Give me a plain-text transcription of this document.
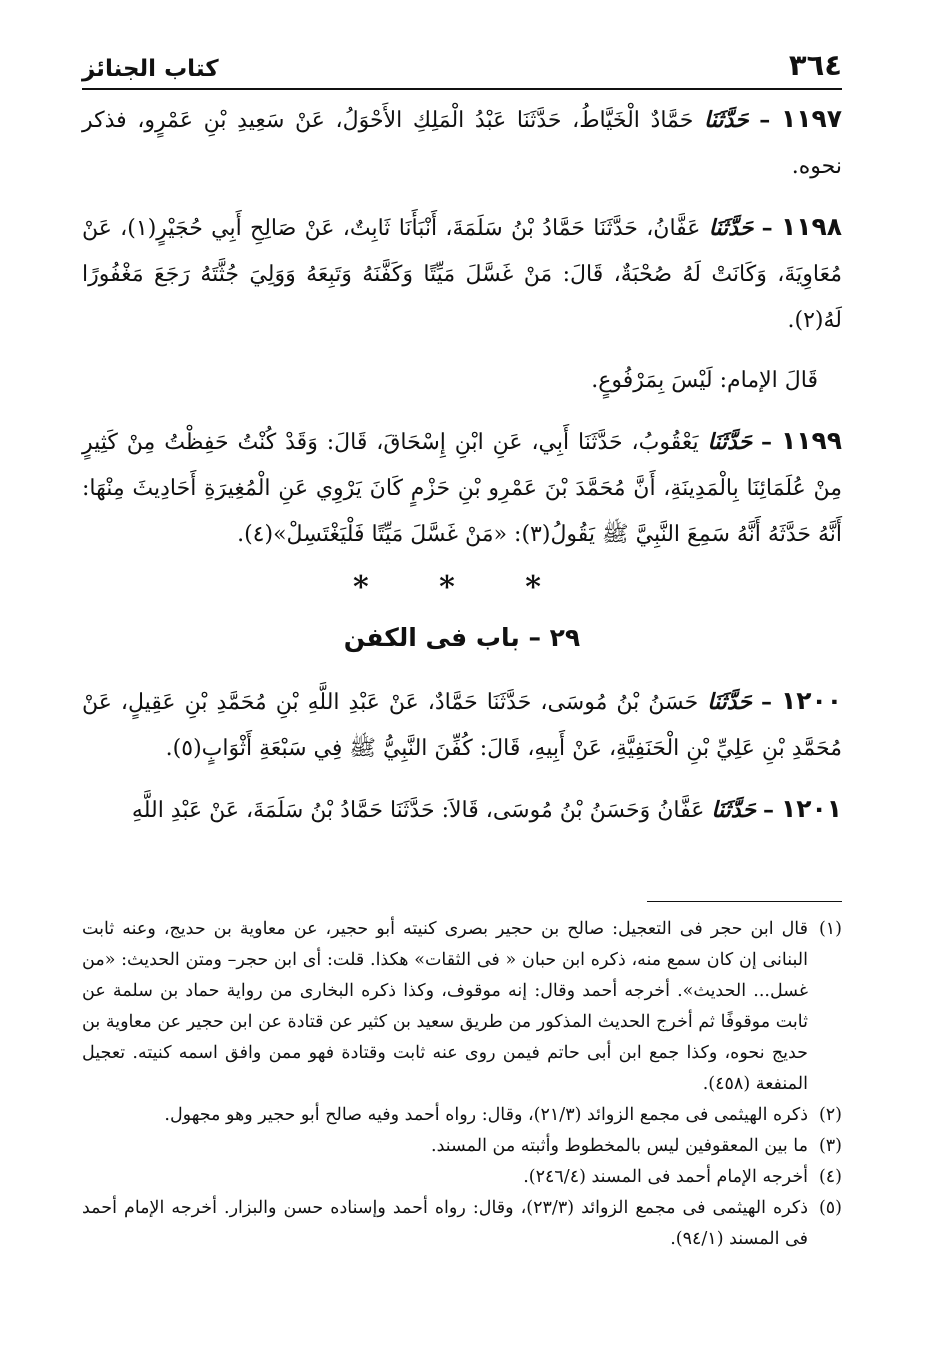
٣٦٤
كتاب الجنائز

١١٩٧ – حَدَّثَنَا حَمَّادٌ الْخَيَّاطُ، حَدَّثَنَا عَبْدُ الْمَلِكِ الأَحْوَلُ، عَنْ سَعِيدِ بْنِ عَمْرٍو، فذكر نحوه.

١١٩٨ – حَدَّثَنَا عَفَّانُ، حَدَّثَنَا حَمَّادُ بْنُ سَلَمَةَ، أَنْبَأَنَا ثَابِتٌ، عَنْ صَالِحِ أَبِي حُجَيْرٍ(١)، عَنْ مُعَاوِيَةَ، وَكَانَتْ لَهُ صُحْبَةٌ، قَالَ: مَنْ غَسَّلَ مَيِّتًا وَكَفَّنَهُ وَتَبِعَهُ وَوَلِيَ جُثَّتَهُ رَجَعَ مَغْفُورًا لَهُ(٢).

قَالَ الإمام: لَيْسَ بِمَرْفُوعٍ.

١١٩٩ – حَدَّثَنَا يَعْقُوبُ، حَدَّثَنَا أَبِي، عَنِ ابْنِ إِسْحَاقَ، قَالَ: وَقَدْ كُنْتُ حَفِظْتُ مِنْ كَثِيرٍ مِنْ عُلَمَائِنَا بِالْمَدِينَةِ، أَنَّ مُحَمَّدَ بْنَ عَمْرِو بْنِ حَزْمٍ كَانَ يَرْوِي عَنِ الْمُغِيرَةِ أَحَادِيثَ مِنْهَا: أَنَّهُ حَدَّثَهُ أَنَّهُ سَمِعَ النَّبِيَّ ﷺ يَقُولُ(٣): «مَنْ غَسَّلَ مَيِّتًا فَلْيَغْتَسِلْ»(٤).

* * *
٢٩ – باب فى الكفن

١٢٠٠ – حَدَّثَنَا حَسَنُ بْنُ مُوسَى، حَدَّثَنَا حَمَّادٌ، عَنْ عَبْدِ اللَّهِ بْنِ مُحَمَّدِ بْنِ عَقِيلٍ، عَنْ مُحَمَّدِ بْنِ عَلِيِّ بْنِ الْحَنَفِيَّةِ، عَنْ أَبِيهِ، قَالَ: كُفِّنَ النَّبِيُّ ﷺ فِي سَبْعَةِ أَثْوَابٍ(٥).

١٢٠١ – حَدَّثَنَا عَفَّانُ وَحَسَنُ بْنُ مُوسَى، قَالاَ: حَدَّثَنَا حَمَّادُ بْنُ سَلَمَةَ، عَنْ عَبْدِ اللَّهِ

(١)
قال ابن حجر فى التعجيل: صالح بن حجير بصرى كنيته أبو حجير، عن معاوية بن حديج، وعنه ثابت البنانى إن كان سمع منه، ذكره ابن حبان « فى الثقات» هكذا. قلت: أى ابن حجر– ومتن الحديث: «من غسل... الحديث». أخرجه أحمد وقال: إنه موقوف، وكذا ذكره البخارى من رواية حماد بن سلمة عن ثابت موقوفًا ثم أخرج الحديث المذكور من طريق سعيد بن كثير عن قتادة عن ابن حجير عن معاوية بن حديج نحوه، وكذا جمع ابن أبى حاتم فيمن روى عنه ثابت وقتادة فهو ممن وافق اسمه كنيته. تعجيل المنفعة (٤٥٨).

(٢)
ذكره الهيثمى فى مجمع الزوائد (٢١/٣)، وقال: رواه أحمد وفيه صالح أبو حجير وهو مجهول.

(٣)
ما بين المعقوفين ليس بالمخطوط وأثبته من المسند.

(٤)
أخرجه الإمام أحمد فى المسند (٢٤٦/٤).

(٥)
ذكره الهيثمى فى مجمع الزوائد (٢٣/٣)، وقال: رواه أحمد وإسناده حسن والبزار. أخرجه الإمام أحمد فى المسند (٩٤/١).
